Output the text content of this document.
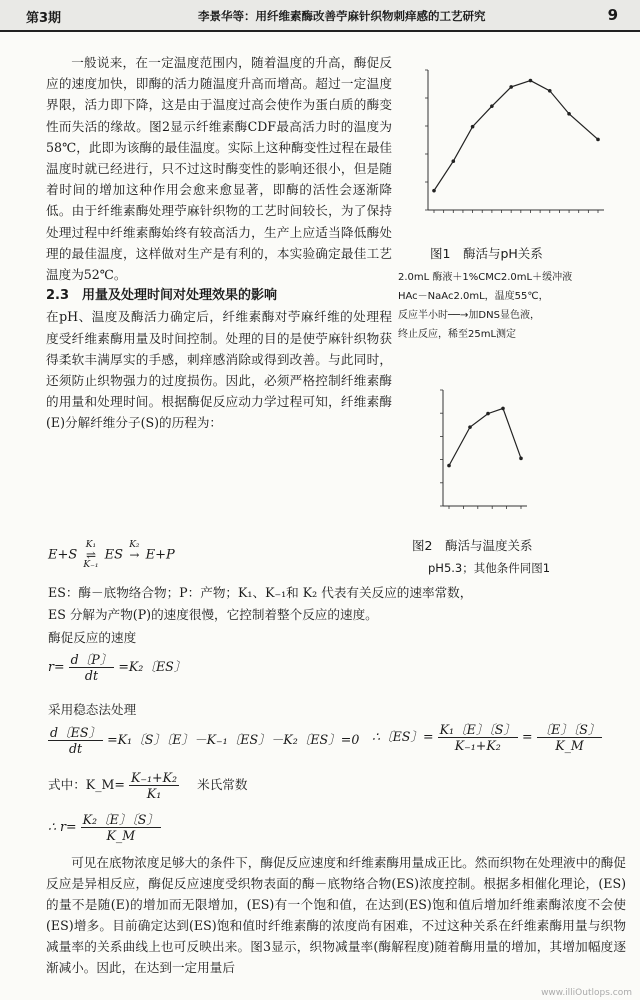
第3期	李景华等：用纤维素酶改善苧麻针织物刺痒感的工艺研究	9

一般说来，在一定温度范围内，随着温度的升高，酶促反应的速度加快，即酶的活力随温度升高而增高。超过一定温度界限，活力即下降，这是由于温度过高会使作为蛋白质的酶变性而失活的缘故。图2显示纤维素酶CDF最高活力时的温度为58℃，此即为该酶的最佳温度。实际上这种酶变性过程在最佳温度时就已经进行，只不过这时酶变性的影响还很小，但是随着时间的增加这种作用会愈来愈显著，即酶的活性会逐渐降低。由于纤维素酶处理苧麻针织物的工艺时间较长，为了保持处理过程中纤维素酶始终有较高活力，生产上应适当降低酶处理的最佳温度，这样做对生产是有利的，本实验确定最佳工艺温度为52℃。

2.3　用量及处理时间对处理效果的影响

在pH、温度及酶活力确定后，纤维素酶对苧麻纤维的处理程度受纤维素酶用量及时间控制。处理的目的是使苧麻针织物获得柔软丰满厚实的手感，刺痒感消除或得到改善。与此同时，还须防止织物强力的过度损伤。因此，必须严格控制纤维素酶的用量和处理时间。根据酶促反应动力学过程可知，纤维素酶(E)分解纤维分子(S)的历程为：

图1　酶活与pH关系
2.0mL 酶液＋1%CMC2.0mL＋缓冲液
HAc－NaAc2.0mL，温度55℃，
反应半小时──→加DNS显色液，
终止反应，稀至25mL测定
图2　酶活与温度关系
pH5.3；其他条件同图1
E+S
K₁
⇌
K₋₁
ES
K₂
→
E+P
ES：酶－底物络合物；P：产物；K₁、K₋₁和 K₂ 代表有关反应的速率常数，
ES 分解为产物(P)的速度很慢，它控制着整个反应的速度。
酶促反应的速度
$r= \frac{d〔P〕}{dt} =K_2$〔ES〕
采用稳态法处理
$\frac{d〔ES〕}{dt} =K_1$〔S〕〔E〕－K₋₁〔ES〕－K₂〔ES〕=0 ∴〔ES〕= $\frac{\text{K₁〔E〕〔S〕}}{\text{K₋₁+K₂}} = \frac{〔E〕〔S〕}{K\_M}$
式中：K_M= $\frac{\text{K₋₁+K₂}}{\text{K₁}}$ 米氏常数
∴ $r= \frac{\text{K₂〔E〕〔S〕}}{K\_M}$

可见在底物浓度足够大的条件下，酶促反应速度和纤维素酶用量成正比。然而织物在处理液中的酶促反应是异相反应，酶促反应速度受织物表面的酶－底物络合物(ES)浓度控制。根据多相催化理论，(ES)的量不是随(E)的增加而无限增加，(ES)有一个饱和值，在达到(ES)饱和值后增加纤维素酶浓度不会使(ES)增多。目前确定达到(ES)饱和值时纤维素酶的浓度尚有困难，不过这种关系在纤维素酶用量与织物减量率的关系曲线上也可反映出来。图3显示，织物减量率(酶解程度)随着酶用量的增加，其增加幅度逐渐减小。因此，在达到一定用量后

www.illiOutlops.com
